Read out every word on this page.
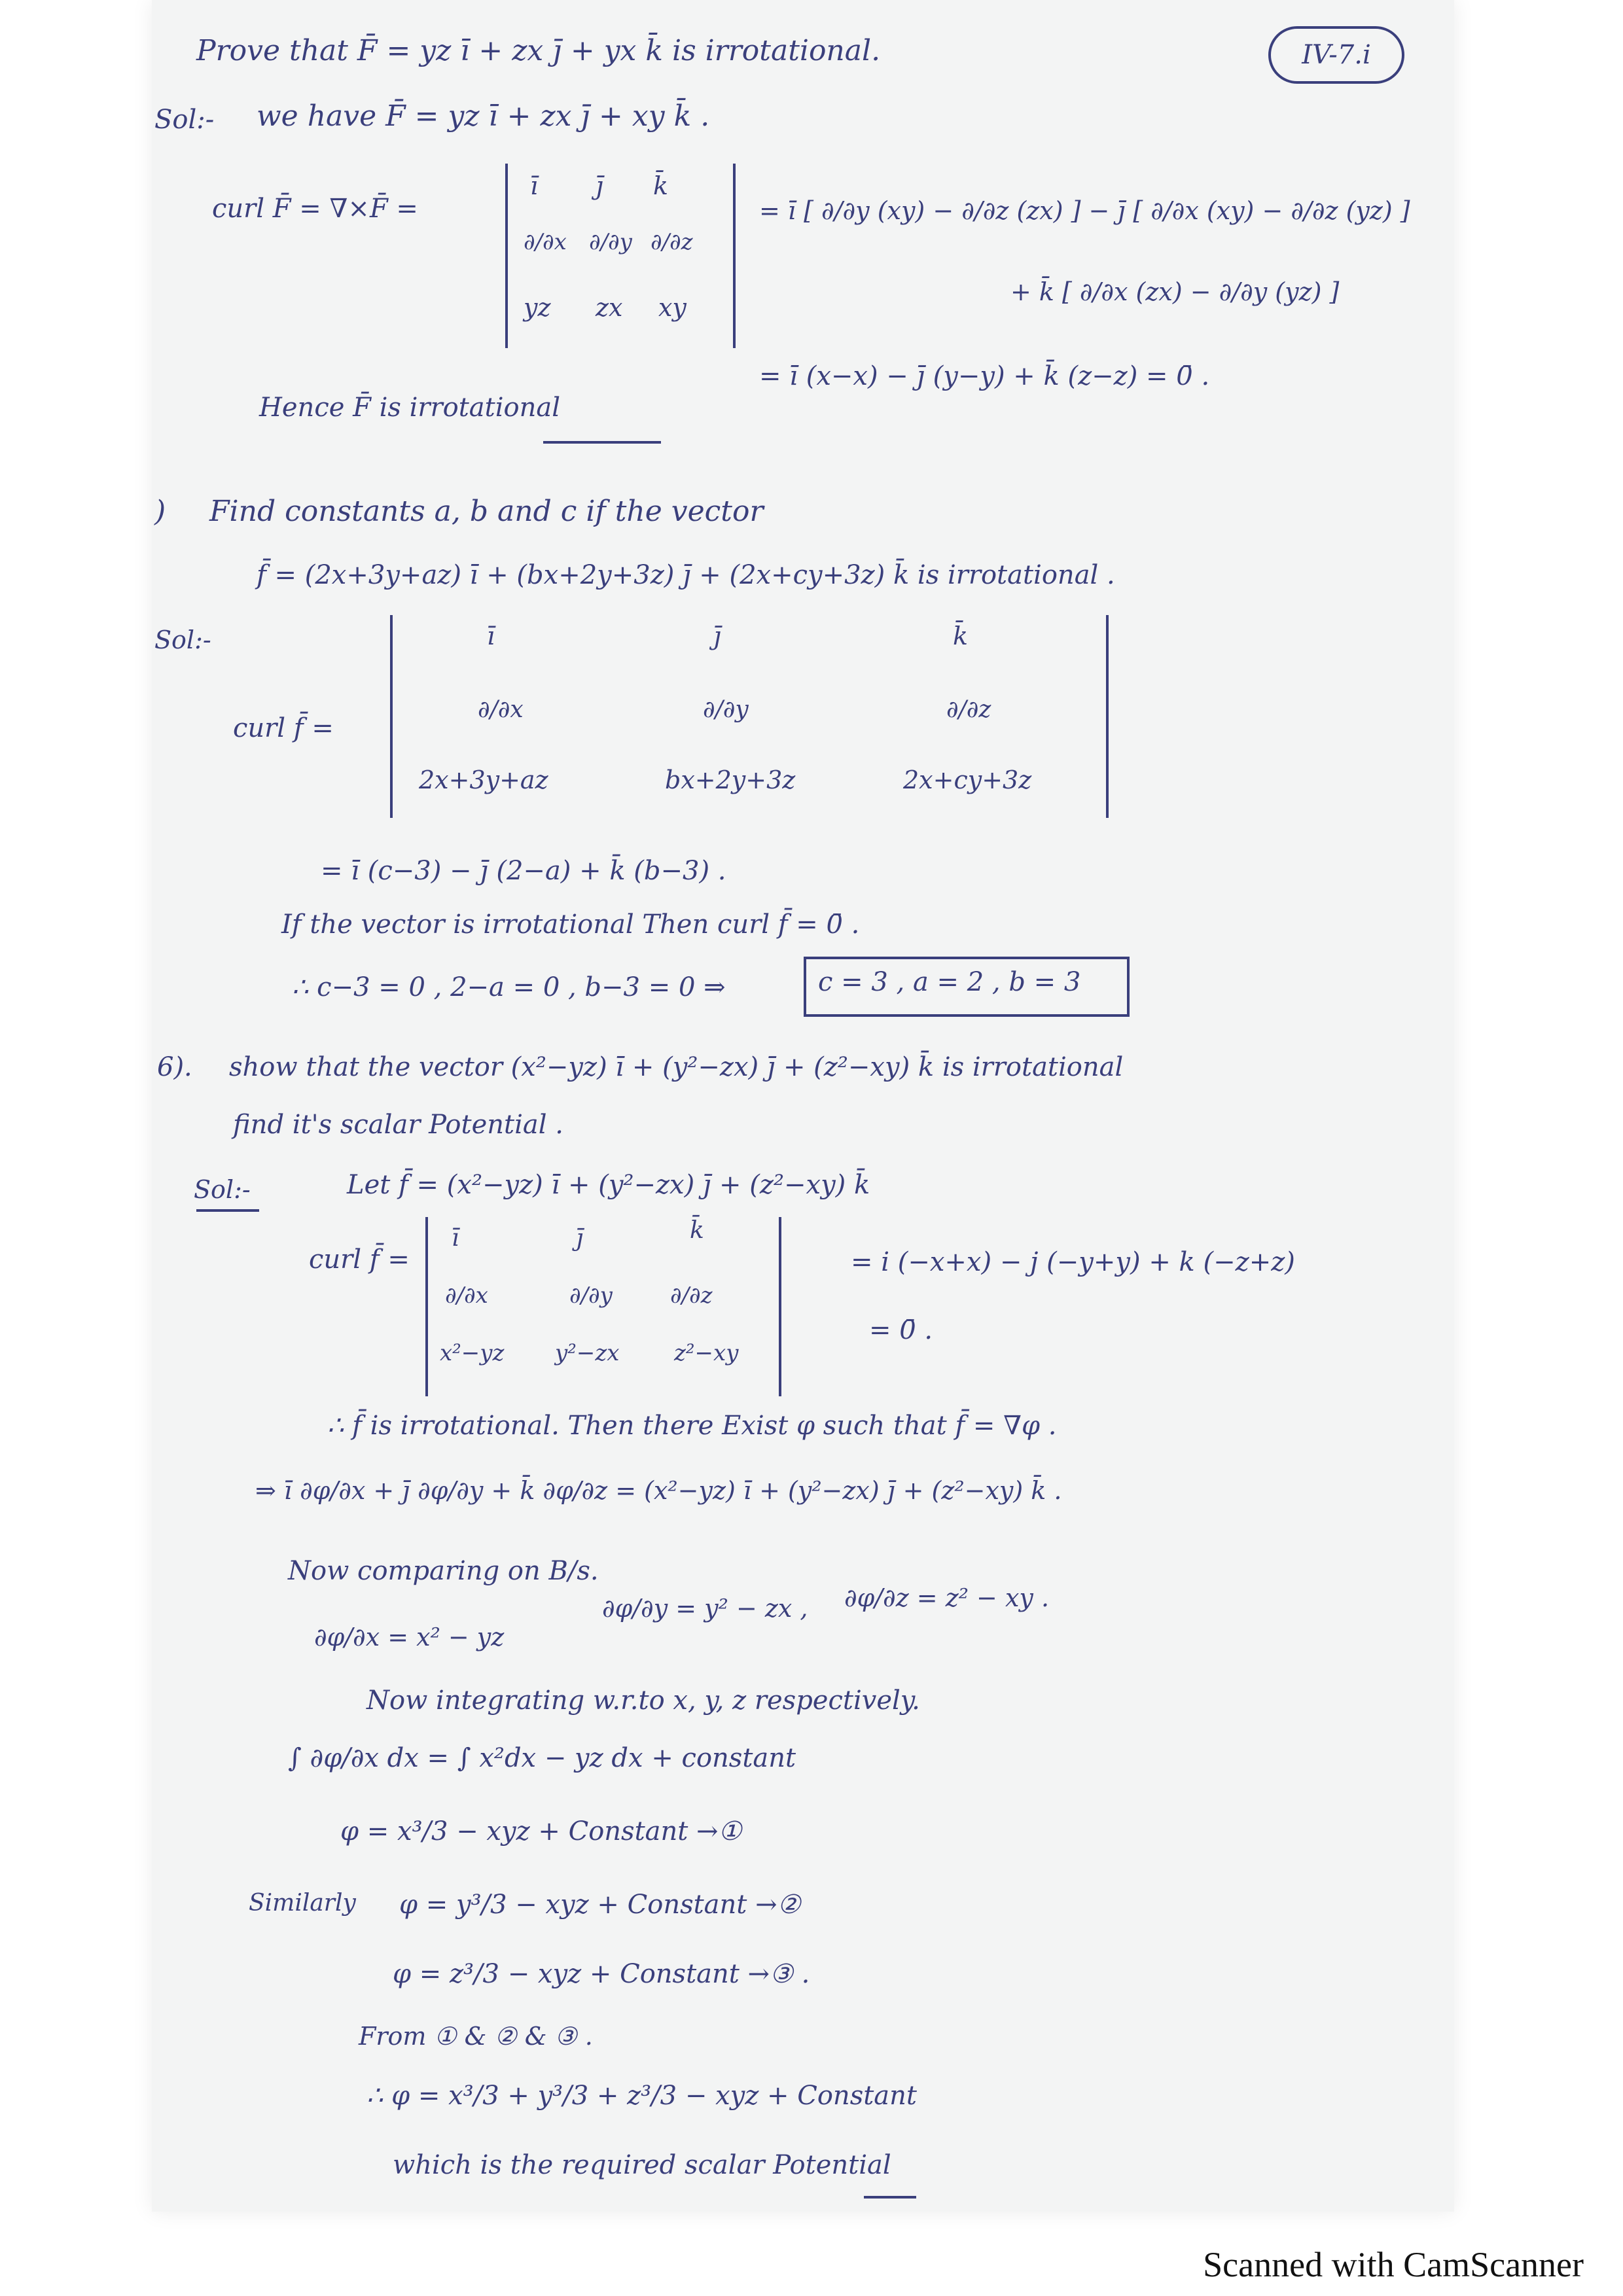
IV-7.i
Prove that F̄ = yz ī + zx j̄ + yx k̄ is irrotational.
Sol:- we have F̄ = yz ī + zx j̄ + xy k̄ .
curl F̄ = ∇×F̄ =
ī j̄ k̄
∂/∂x ∂/∂y ∂/∂z
yz zx xy
= ī [ ∂/∂y (xy) − ∂/∂z (zx) ] − j̄ [ ∂/∂x (xy) − ∂/∂z (yz) ]
+ k̄ [ ∂/∂x (zx) − ∂/∂y (yz) ]
= ī (x−x) − j̄ (y−y) + k̄ (z−z) = 0̄ .
Hence F̄ is irrotational
) Find constants a, b and c if the vector
f̄ = (2x+3y+az) ī + (bx+2y+3z) j̄ + (2x+cy+3z) k̄ is irrotational .
Sol:-
curl f̄ =
ī	j̄	k̄
∂/∂x	∂/∂y	∂/∂z
2x+3y+az	bx+2y+3z	2x+cy+3z
= ī (c−3) − j̄ (2−a) + k̄ (b−3) .
If the vector is irrotational Then curl f̄ = 0̄ .
∴ c−3 = 0 , 2−a = 0 , b−3 = 0 ⇒	c = 3 , a = 2 , b = 3
6). show that the vector (x²−yz) ī + (y²−zx) j̄ + (z²−xy) k̄ is irrotational
find it's scalar Potential .
Sol:-	Let f̄ = (x²−yz) ī + (y²−zx) j̄ + (z²−xy) k̄
curl f̄ =
ī	j̄	k̄
∂/∂x	∂/∂y	∂/∂z
x²−yz y²−zx z²−xy
= i (−x+x) − j (−y+y) + k (−z+z)
= 0̄ .
∴ f̄ is irrotational. Then there Exist φ such that f̄ = ∇φ .
⇒ ī ∂φ/∂x + j̄ ∂φ/∂y + k̄ ∂φ/∂z = (x²−yz) ī + (y²−zx) j̄ + (z²−xy) k̄ .
Now comparing on B/s.
∂φ/∂x = x² − yz
∂φ/∂y = y² − zx , ∂φ/∂z = z² − xy .
Now integrating w.r.to x, y, z respectively.
∫ ∂φ/∂x dx = ∫ x²dx − yz dx + constant
φ = x³/3 − xyz + Constant →①
Similarly φ = y³/3 − xyz + Constant →②
φ = z³/3 − xyz + Constant →③ .
From ① & ② & ③ .
∴ φ = x³/3 + y³/3 + z³/3 − xyz + Constant
which is the required scalar Potential
Scanned with CamScanner
